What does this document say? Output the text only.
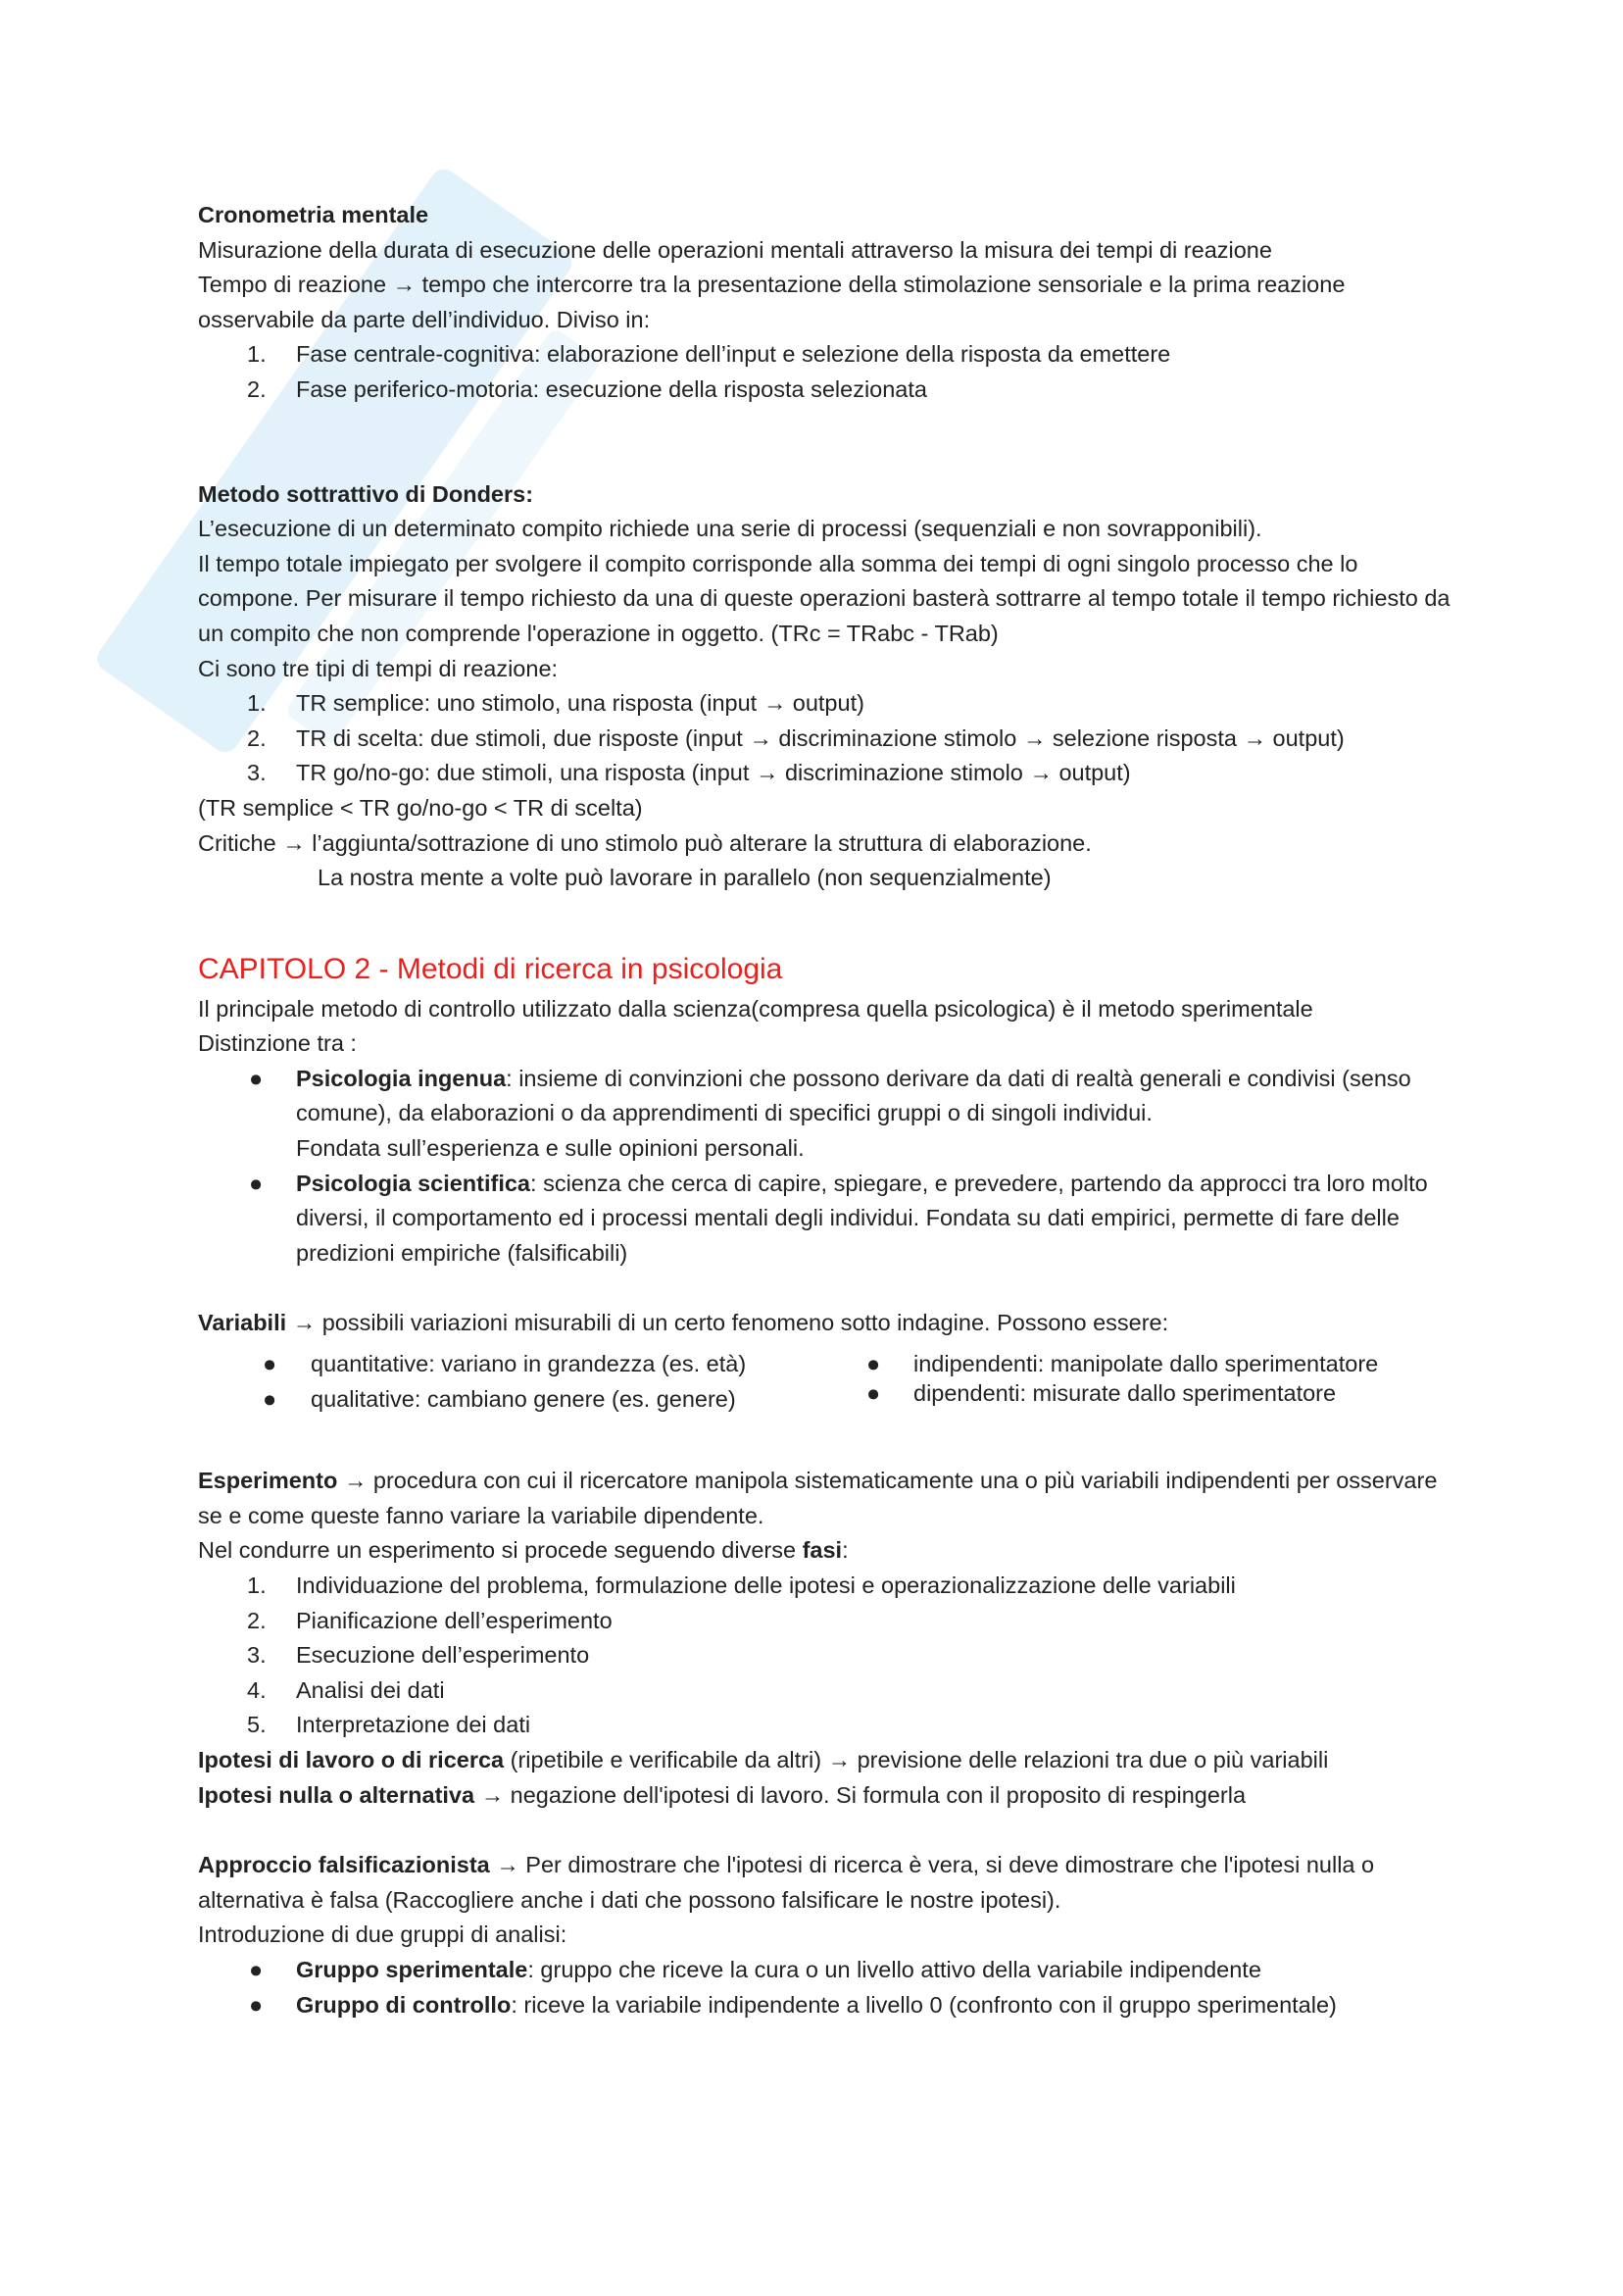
Cronometria mentale

Misurazione della durata di esecuzione delle operazioni mentali attraverso la misura dei tempi di reazione

Tempo di reazione → tempo che intercorre tra la presentazione della stimolazione sensoriale e la prima reazione osservabile da parte dell’individuo. Diviso in:

1.	Fase centrale-cognitiva: elaborazione dell’input e selezione della risposta da emettere
2.	Fase periferico-motoria: esecuzione della risposta selezionata

Metodo sottrattivo di Donders:

L’esecuzione di un determinato compito richiede una serie di processi (sequenziali e non sovrapponibili).

Il tempo totale impiegato per svolgere il compito corrisponde alla somma dei tempi di ogni singolo processo che lo compone. Per misurare il tempo richiesto da una di queste operazioni basterà sottrarre al tempo totale il tempo richiesto da un compito che non comprende l'operazione in oggetto. (TRc = TRabc - TRab)

Ci sono tre tipi di tempi di reazione:

1.	TR semplice: uno stimolo, una risposta (input → output)
2.	TR di scelta: due stimoli, due risposte (input → discriminazione stimolo → selezione risposta → output)
3.	TR go/no-go: due stimoli, una risposta (input → discriminazione stimolo → output)

(TR semplice < TR go/no-go < TR di scelta)

Critiche → l’aggiunta/sottrazione di uno stimolo può alterare la struttura di elaborazione.

La nostra mente a volte può lavorare in parallelo (non sequenzialmente)

CAPITOLO 2 - Metodi di ricerca in psicologia

Il principale metodo di controllo utilizzato dalla scienza(compresa quella psicologica) è il metodo sperimentale

Distinzione tra :

● Psicologia ingenua: insieme di convinzioni che possono derivare da dati di realtà generali e condivisi (senso comune), da elaborazioni o da apprendimenti di specifici gruppi o di singoli individui.
Fondata sull’esperienza e sulle opinioni personali.
● Psicologia scientifica: scienza che cerca di capire, spiegare, e prevedere, partendo da approcci tra loro molto diversi, il comportamento ed i processi mentali degli individui. Fondata su dati empirici, permette di fare delle predizioni empiriche (falsificabili)

Variabili → possibili variazioni misurabili di un certo fenomeno sotto indagine. Possono essere:

● quantitative: variano in grandezza (es. età)
● qualitative: cambiano genere (es. genere)
● indipendenti: manipolate dallo sperimentatore
● dipendenti: misurate dallo sperimentatore

Esperimento → procedura con cui il ricercatore manipola sistematicamente una o più variabili indipendenti per osservare se e come queste fanno variare la variabile dipendente.

Nel condurre un esperimento si procede seguendo diverse fasi:

1.	Individuazione del problema, formulazione delle ipotesi e operazionalizzazione delle variabili
2.	Pianificazione dell’esperimento
3.	Esecuzione dell’esperimento
4.	Analisi dei dati
5.	Interpretazione dei dati

Ipotesi di lavoro o di ricerca (ripetibile e verificabile da altri) → previsione delle relazioni tra due o più variabili

Ipotesi nulla o alternativa → negazione dell'ipotesi di lavoro. Si formula con il proposito di respingerla

Approccio falsificazionista → Per dimostrare che l'ipotesi di ricerca è vera, si deve dimostrare che l'ipotesi nulla o alternativa è falsa (Raccogliere anche i dati che possono falsificare le nostre ipotesi).

Introduzione di due gruppi di analisi:

● Gruppo sperimentale: gruppo che riceve la cura o un livello attivo della variabile indipendente
● Gruppo di controllo: riceve la variabile indipendente a livello 0 (confronto con il gruppo sperimentale)
